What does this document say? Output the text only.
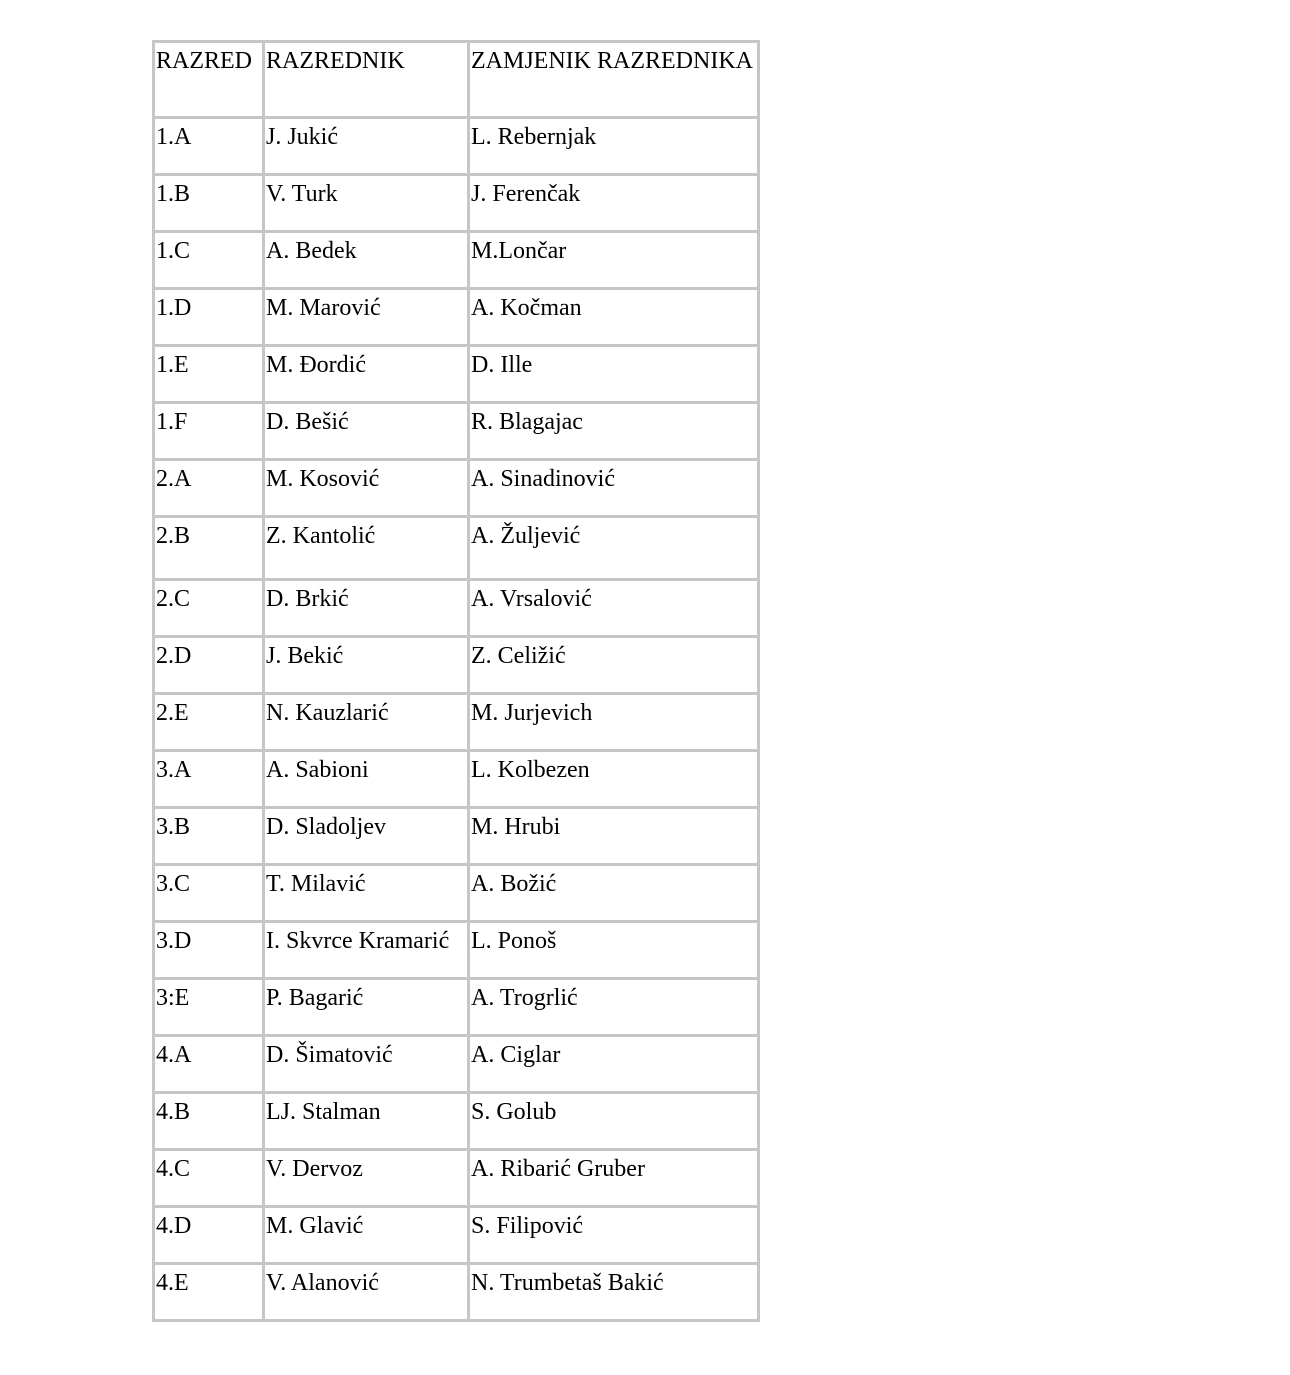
RAZRED	RAZREDNIK	ZAMJENIK RAZREDNIKA
1.A	J. Jukić	L. Rebernjak
1.B	V. Turk	J. Ferenčak
1.C	A. Bedek	M.Lončar
1.D	M. Marović	A. Kočman
1.E	M. Đordić	D. Ille
1.F	D. Bešić	R. Blagajac
2.A	M. Kosović	A. Sinadinović
2.B	Z. Kantolić	A. Žuljević
2.C	D. Brkić	A. Vrsalović
2.D	J. Bekić	Z. Celižić
2.E	N. Kauzlarić	M. Jurjevich
3.A	A. Sabioni	L. Kolbezen
3.B	D. Sladoljev	M. Hrubi
3.C	T. Milavić	A. Božić
3.D	I. Skvrce Kramarić	L. Ponoš
3:E	P. Bagarić	A. Trogrlić
4.A	D. Šimatović	A. Ciglar
4.B	LJ. Stalman	S. Golub
4.C	V. Dervoz	A. Ribarić Gruber
4.D	M. Glavić	S. Filipović
4.E	V. Alanović	N. Trumbetaš Bakić
